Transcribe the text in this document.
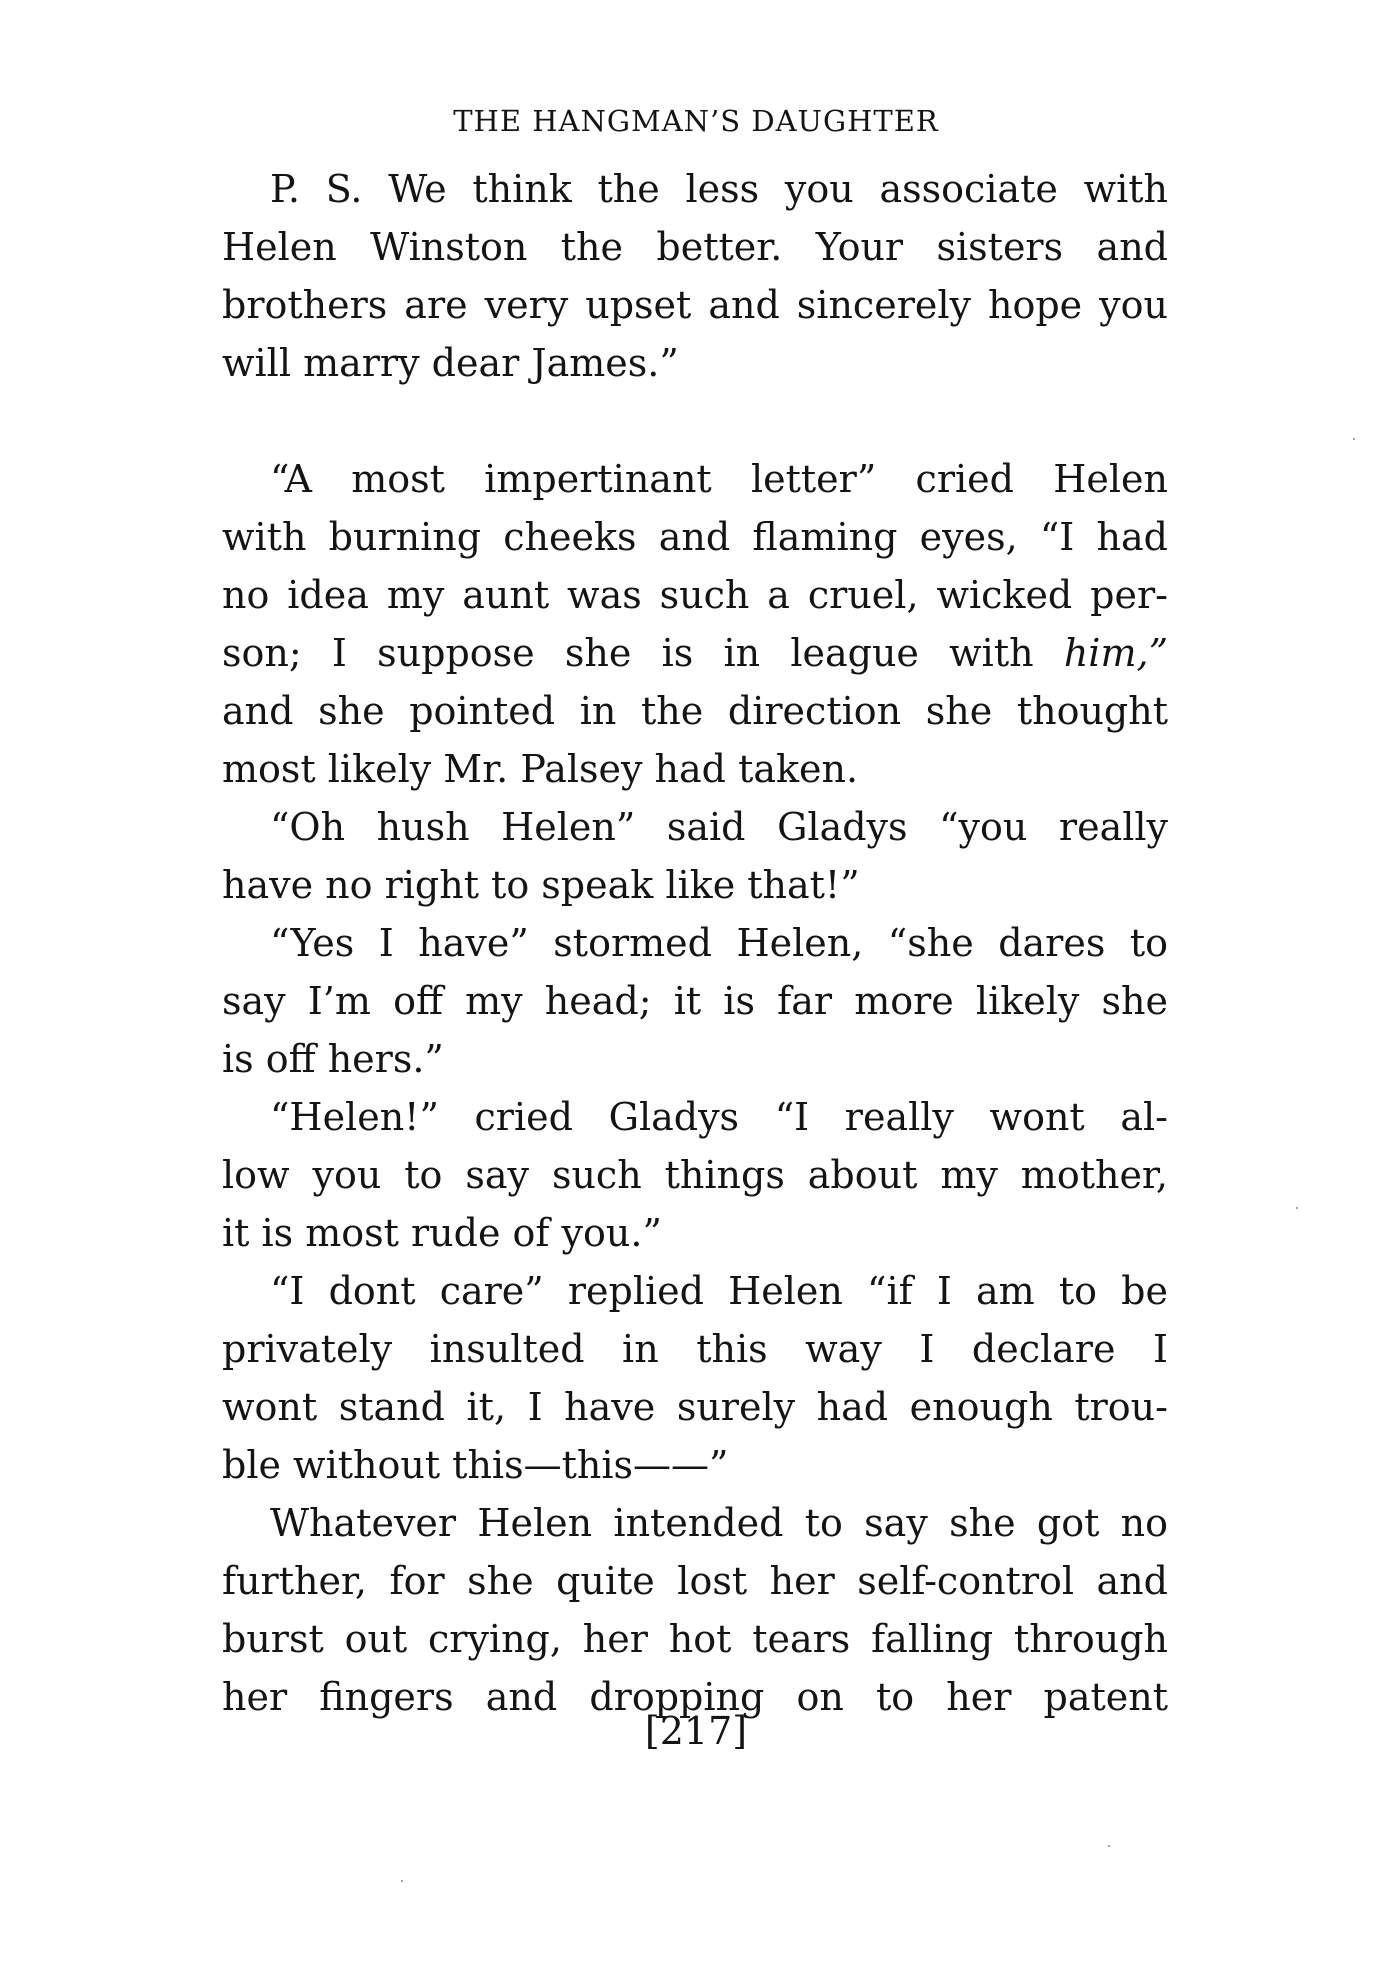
THE HANGMAN’S DAUGHTER
P. S. We think the less you associate with
Helen Winston the better. Your sisters and
brothers are very upset and sincerely hope you
will marry dear James.”
“A most impertinant letter” cried Helen
with burning cheeks and flaming eyes, “I had
no idea my aunt was such a cruel, wicked per-
son; I suppose she is in league with him,”
and she pointed in the direction she thought
most likely Mr. Palsey had taken.
“Oh hush Helen” said Gladys “you really
have no right to speak like that!”
“Yes I have” stormed Helen, “she dares to
say I’m off my head; it is far more likely she
is off hers.”
“Helen!” cried Gladys “I really wont al-
low you to say such things about my mother,
it is most rude of you.”
“I dont care” replied Helen “if I am to be
privately insulted in this way I declare I
wont stand it, I have surely had enough trou-
ble without this—this——”
Whatever Helen intended to say she got no
further, for she quite lost her self-control and
burst out crying, her hot tears falling through
her fingers and dropping on to her patent
[217]
